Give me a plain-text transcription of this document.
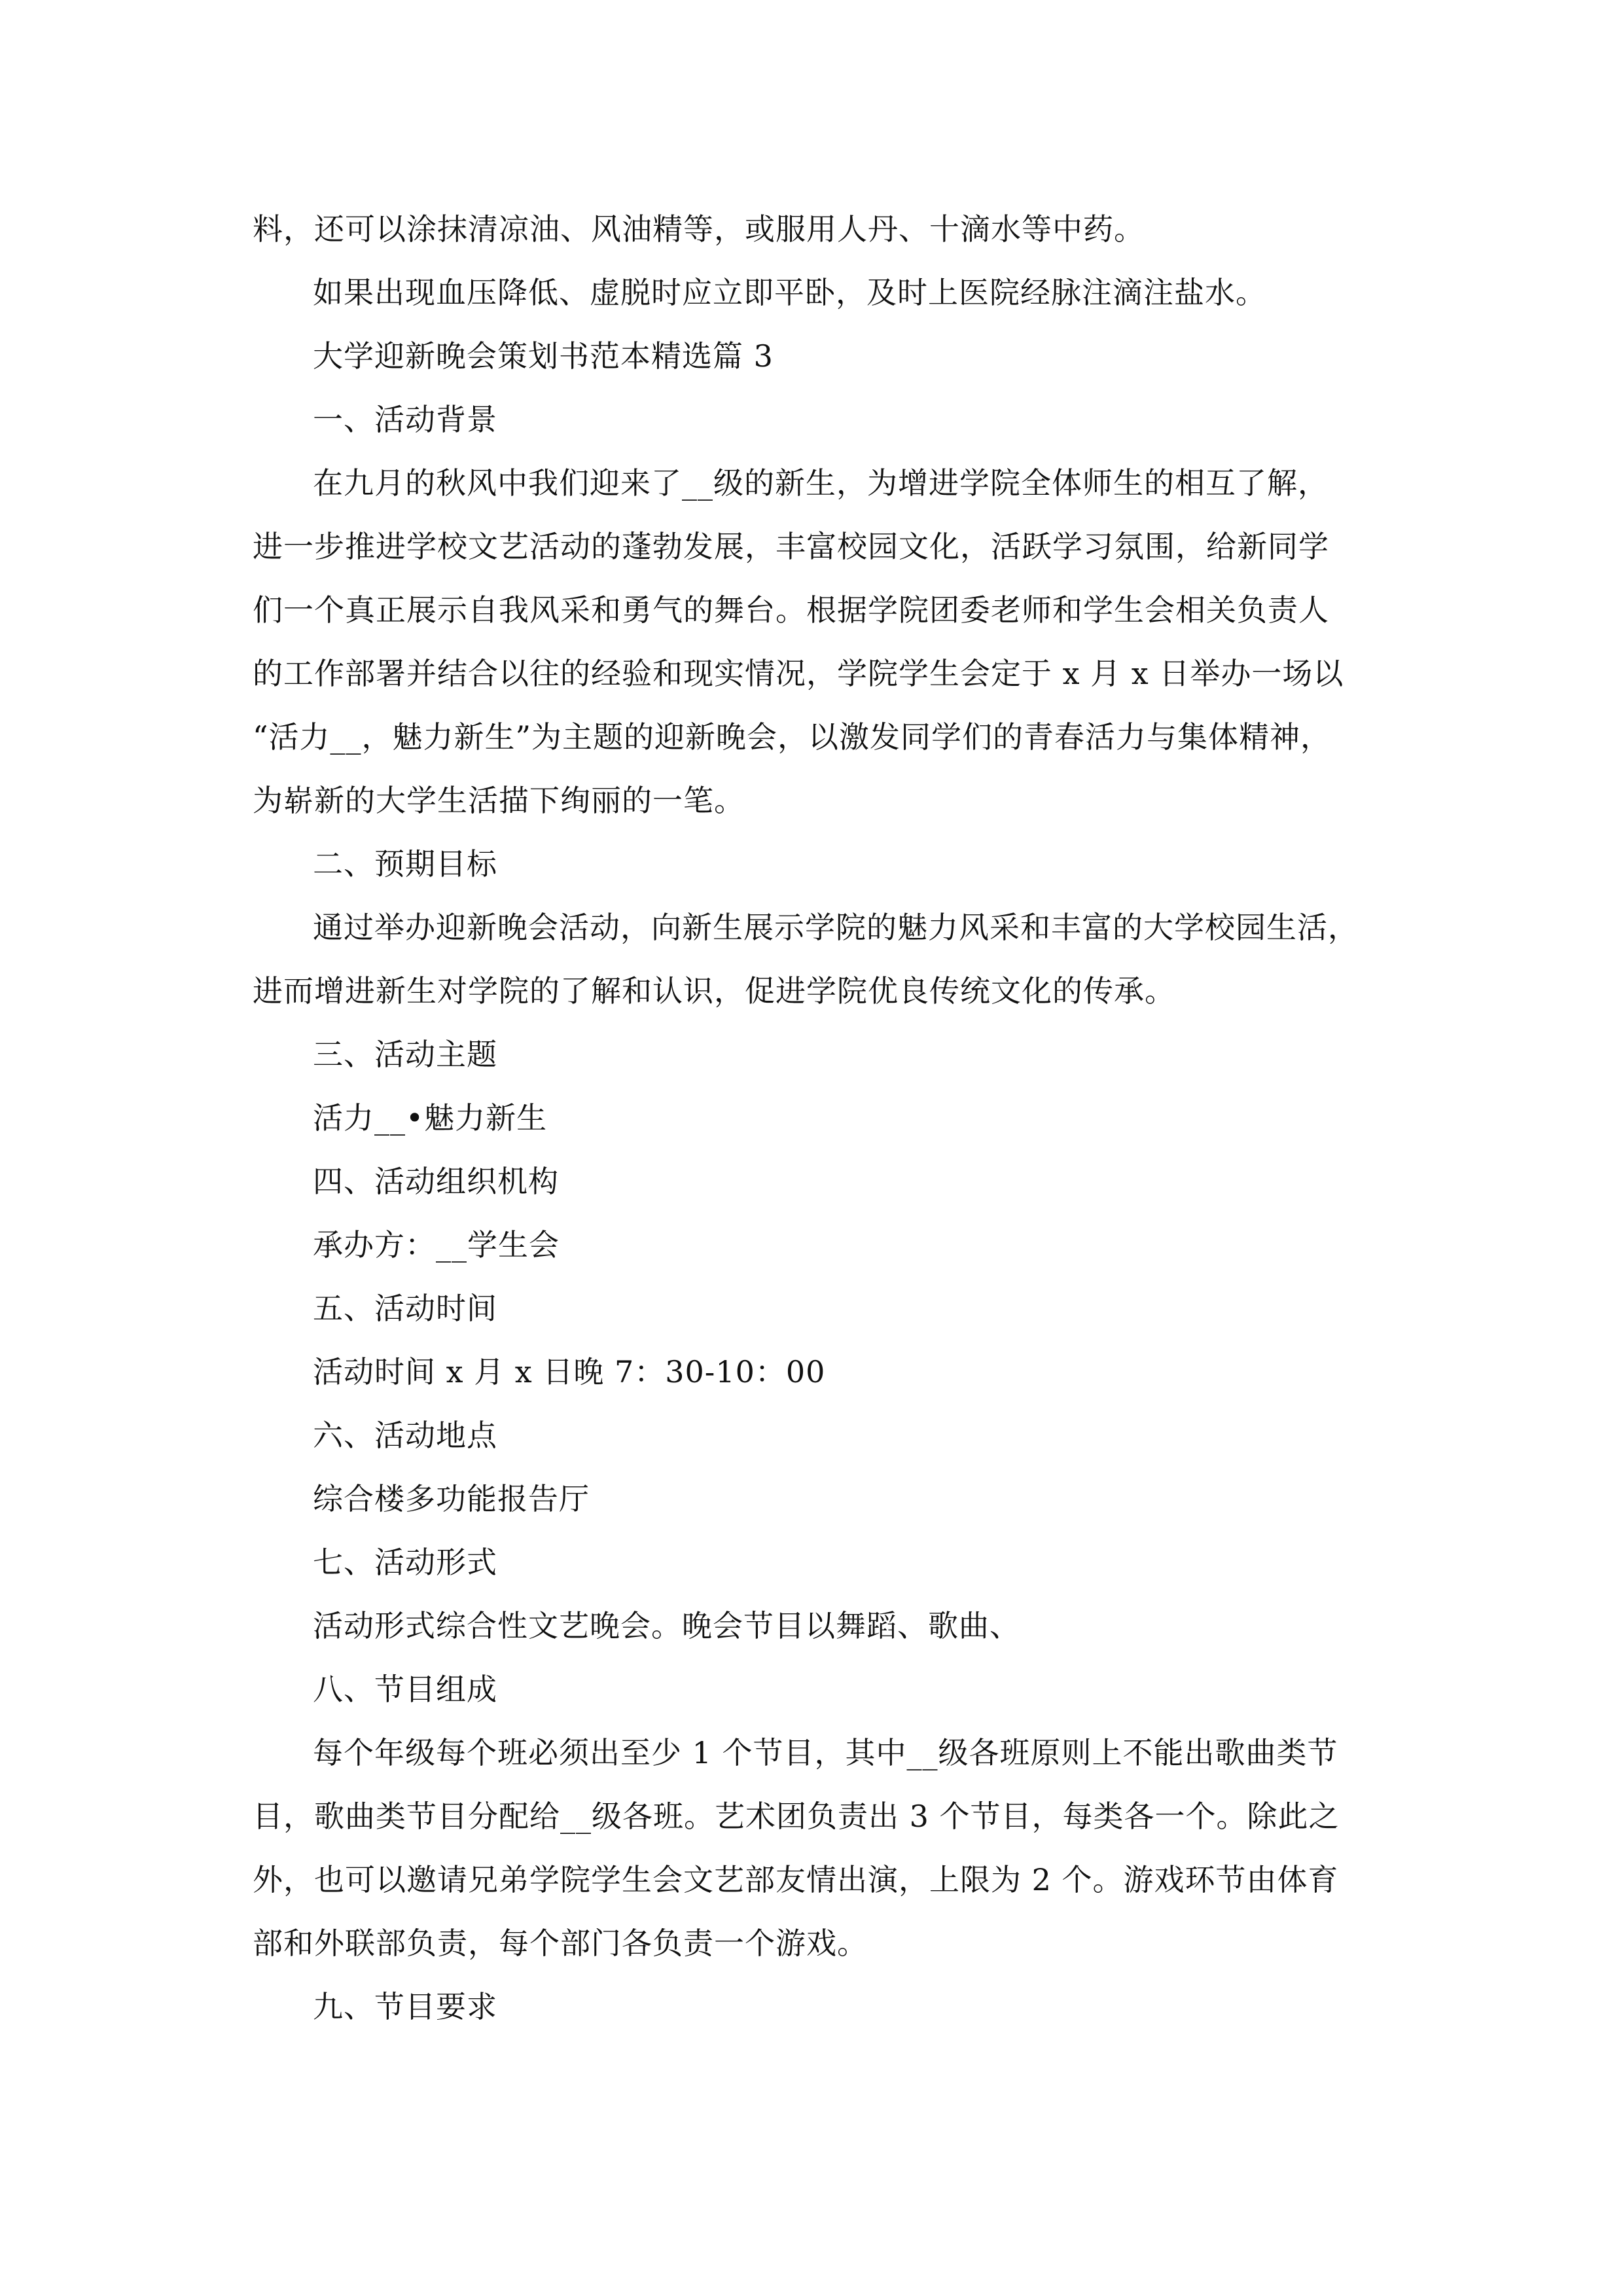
料，还可以涂抹清凉油、风油精等，或服用人丹、十滴水等中药。
如果出现血压降低、虚脱时应立即平卧，及时上医院经脉注滴注盐水。
大学迎新晚会策划书范本精选篇 3
一、活动背景
在九月的秋风中我们迎来了__级的新生，为增进学院全体师生的相互了解，
进一步推进学校文艺活动的蓬勃发展，丰富校园文化，活跃学习氛围，给新同学
们一个真正展示自我风采和勇气的舞台。根据学院团委老师和学生会相关负责人
的工作部署并结合以往的经验和现实情况，学院学生会定于 x 月 x 日举办一场以
“活力__，魅力新生”为主题的迎新晚会，以激发同学们的青春活力与集体精神，
为崭新的大学生活描下绚丽的一笔。
二、预期目标
通过举办迎新晚会活动，向新生展示学院的魅力风采和丰富的大学校园生活，
进而增进新生对学院的了解和认识，促进学院优良传统文化的传承。
三、活动主题
活力__•魅力新生
四、活动组织机构
承办方：__学生会
五、活动时间
活动时间 x 月 x 日晚 7：30-10：00
六、活动地点
综合楼多功能报告厅
七、活动形式
活动形式综合性文艺晚会。晚会节目以舞蹈、歌曲、
八、节目组成
每个年级每个班必须出至少 1 个节目，其中__级各班原则上不能出歌曲类节
目，歌曲类节目分配给__级各班。艺术团负责出 3 个节目，每类各一个。除此之
外，也可以邀请兄弟学院学生会文艺部友情出演，上限为 2 个。游戏环节由体育
部和外联部负责，每个部门各负责一个游戏。
九、节目要求
